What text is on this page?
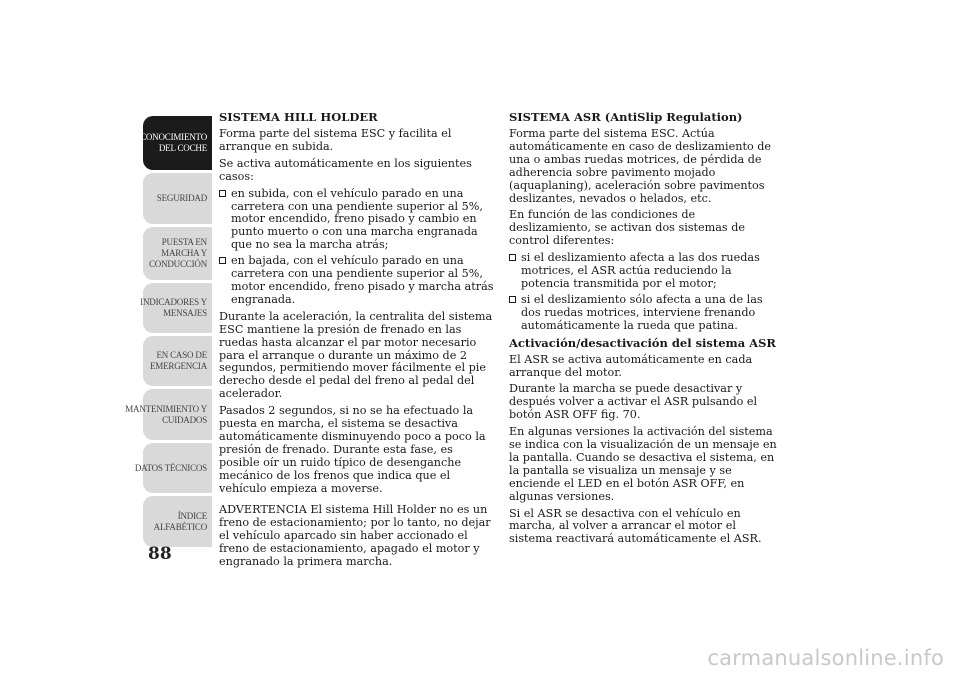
CONOCIMIENTO
DEL COCHE
SEGURIDAD
PUESTA EN
MARCHA Y
CONDUCCIÓN
INDICADORES Y
MENSAJES
EN CASO DE
EMERGENCIA
MANTENIMIENTO Y
CUIDADOS
DATOS TÉCNICOS
ÍNDICE
ALFABÉTICO
88
SISTEMA HILL HOLDER

Forma parte del sistema ESC y facilita el arranque en subida.

Se activa automáticamente en los siguientes casos:

en subida, con el vehículo parado en una carretera con una pendiente superior al 5%, motor encendido, freno pisado y cambio en punto muerto o con una marcha engranada que no sea la marcha atrás;
en bajada, con el vehículo parado en una carretera con una pendiente superior al 5%, motor encendido, freno pisado y marcha atrás engranada.

Durante la aceleración, la centralita del sistema ESC mantiene la presión de frenado en las ruedas hasta alcanzar el par motor necesario para el arranque o durante un máximo de 2 segundos, permitiendo mover fácilmente el pie derecho desde el pedal del freno al pedal del acelerador.

Pasados 2 segundos, si no se ha efectuado la puesta en marcha, el sistema se desactiva automáticamente disminuyendo poco a poco la presión de frenado. Durante esta fase, es posible oír un ruido típico de desenganche mecánico de los frenos que indica que el vehículo empieza a moverse.

ADVERTENCIA El sistema Hill Holder no es un freno de estacionamiento; por lo tanto, no dejar el vehículo aparcado sin haber accionado el freno de estacionamiento, apagado el motor y engranado la primera marcha.

SISTEMA ASR (AntiSlip Regulation)

Forma parte del sistema ESC. Actúa automáticamente en caso de deslizamiento de una o ambas ruedas motrices, de pérdida de adherencia sobre pavimento mojado (aquaplaning), aceleración sobre pavimentos deslizantes, nevados o helados, etc.

En función de las condiciones de deslizamiento, se activan dos sistemas de control diferentes:

si el deslizamiento afecta a las dos ruedas motrices, el ASR actúa reduciendo la potencia transmitida por el motor;
si el deslizamiento sólo afecta a una de las dos ruedas motrices, interviene frenando automáticamente la rueda que patina.
Activación/desactivación del sistema ASR

El ASR se activa automáticamente en cada arranque del motor.

Durante la marcha se puede desactivar y después volver a activar el ASR pulsando el botón ASR OFF fig. 70.

En algunas versiones la activación del sistema se indica con la visualización de un mensaje en la pantalla. Cuando se desactiva el sistema, en la pantalla se visualiza un mensaje y se enciende el LED en el botón ASR OFF, en algunas versiones.

Si el ASR se desactiva con el vehículo en marcha, al volver a arrancar el motor el sistema reactivará automáticamente el ASR.

carmanualsonline.info
